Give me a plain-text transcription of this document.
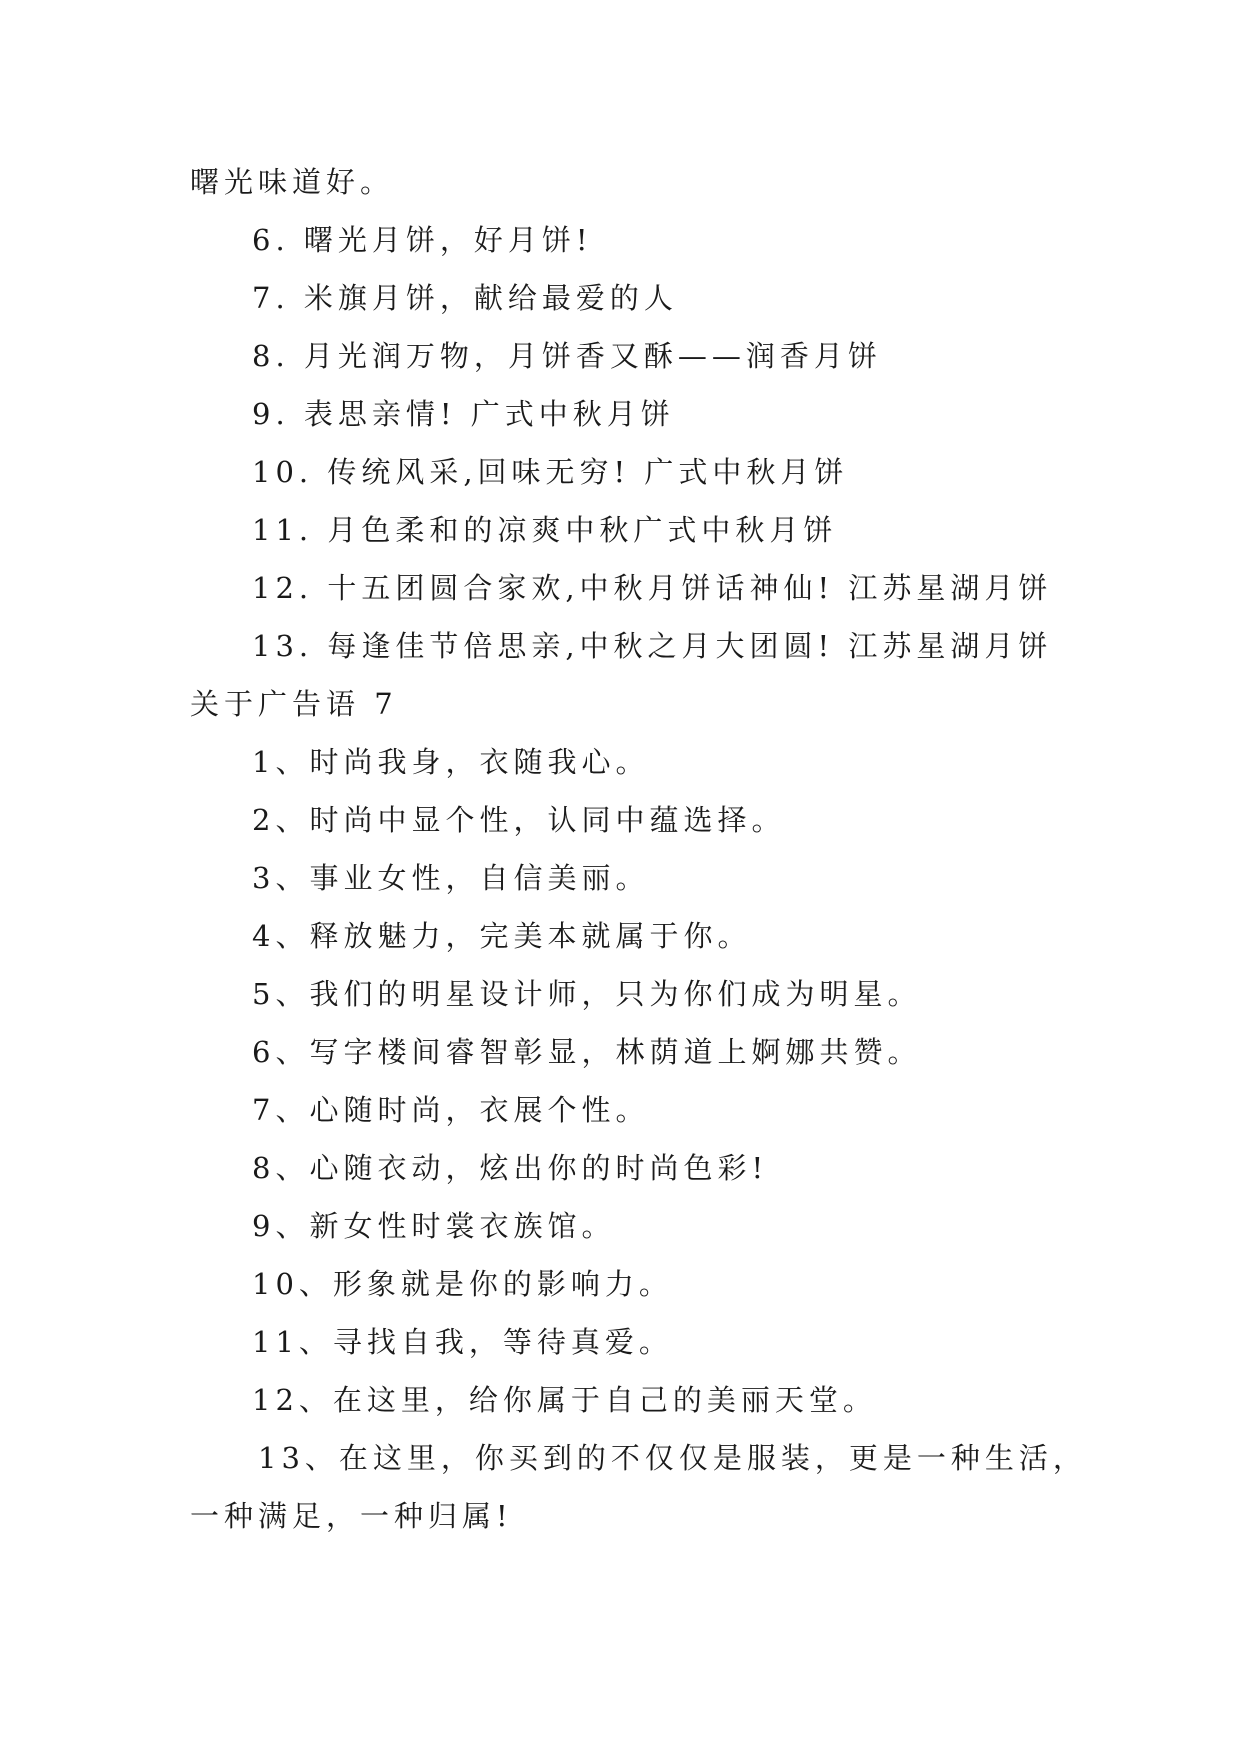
曙光味道好。
6. 曙光月饼，好月饼!
7. 米旗月饼，献给最爱的人
8. 月光润万物，月饼香又酥——润香月饼
9. 表思亲情! 广式中秋月饼
10. 传统风采,回味无穷! 广式中秋月饼
11. 月色柔和的凉爽中秋广式中秋月饼
12. 十五团圆合家欢,中秋月饼话神仙! 江苏星湖月饼
13. 每逢佳节倍思亲,中秋之月大团圆! 江苏星湖月饼
关于广告语 7
1、时尚我身，衣随我心。
2、时尚中显个性，认同中蕴选择。
3、事业女性，自信美丽。
4、释放魅力，完美本就属于你。
5、我们的明星设计师，只为你们成为明星。
6、写字楼间睿智彰显，林荫道上婀娜共赞。
7、心随时尚，衣展个性。
8、心随衣动，炫出你的时尚色彩!
9、新女性时裳衣族馆。
10、形象就是你的影响力。
11、寻找自我，等待真爱。
12、在这里，给你属于自己的美丽天堂。
13、在这里，你买到的不仅仅是服装，更是一种生活，
一种满足，一种归属!
